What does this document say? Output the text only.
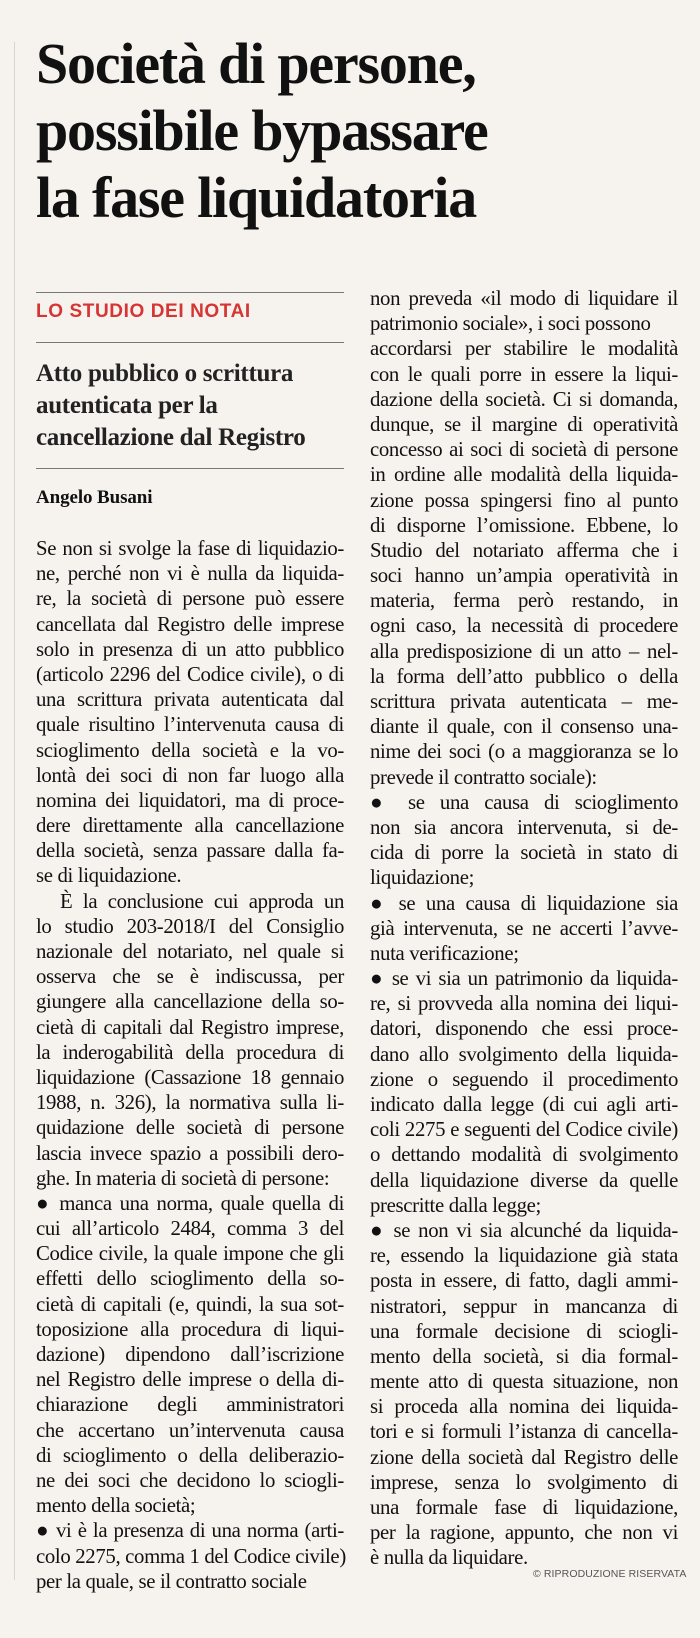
Società di persone,
possibile bypassare
la fase liquidatoria

LO STUDIO DEI NOTAI

Atto pubblico o scrittura
autenticata per la
cancellazione dal Registro

Angelo Busani

Se non si svolge la fase di liquidazio-
ne, perché non vi è nulla da liquida-
re, la società di persone può essere
cancellata dal Registro delle imprese
solo in presenza di un atto pubblico
(articolo 2296 del Codice civile), o di
una scrittura privata autenticata dal
quale risultino l’intervenuta causa di
scioglimento della società e la vo-
lontà dei soci di non far luogo alla
nomina dei liquidatori, ma di proce-
dere direttamente alla cancellazione
della società, senza passare dalla fa-
se di liquidazione.
È la conclusione cui approda un
lo studio 203-2018/I del Consiglio
nazionale del notariato, nel quale si
osserva che se è indiscussa, per
giungere alla cancellazione della so-
cietà di capitali dal Registro imprese,
la inderogabilità della procedura di
liquidazione (Cassazione 18 gennaio
1988, n. 326), la normativa sulla li-
quidazione delle società di persone
lascia invece spazio a possibili dero-
ghe. In materia di società di persone:
● manca una norma, quale quella di
cui all’articolo 2484, comma 3 del
Codice civile, la quale impone che gli
effetti dello scioglimento della so-
cietà di capitali (e, quindi, la sua sot-
toposizione alla procedura di liqui-
dazione) dipendono dall’iscrizione
nel Registro delle imprese o della di-
chiarazione degli amministratori
che accertano un’intervenuta causa
di scioglimento o della deliberazio-
ne dei soci che decidono lo sciogli-
mento della società;
● vi è la presenza di una norma (arti-
colo 2275, comma 1 del Codice civile)
per la quale, se il contratto sociale
non preveda «il modo di liquidare il
patrimonio sociale», i soci possono
accordarsi per stabilire le modalità
con le quali porre in essere la liqui-
dazione della società. Ci si domanda,
dunque, se il margine di operatività
concesso ai soci di società di persone
in ordine alle modalità della liquida-
zione possa spingersi fino al punto
di disporne l’omissione. Ebbene, lo
Studio del notariato afferma che i
soci hanno un’ampia operatività in
materia, ferma però restando, in
ogni caso, la necessità di procedere
alla predisposizione di un atto – nel-
la forma dell’atto pubblico o della
scrittura privata autenticata – me-
diante il quale, con il consenso una-
nime dei soci (o a maggioranza se lo
prevede il contratto sociale):
● se una causa di scioglimento
non sia ancora intervenuta, si de-
cida di porre la società in stato di
liquidazione;
● se una causa di liquidazione sia
già intervenuta, se ne accerti l’avve-
nuta verificazione;
● se vi sia un patrimonio da liquida-
re, si provveda alla nomina dei liqui-
datori, disponendo che essi proce-
dano allo svolgimento della liquida-
zione o seguendo il procedimento
indicato dalla legge (di cui agli arti-
coli 2275 e seguenti del Codice civile)
o dettando modalità di svolgimento
della liquidazione diverse da quelle
prescritte dalla legge;
● se non vi sia alcunché da liquida-
re, essendo la liquidazione già stata
posta in essere, di fatto, dagli ammi-
nistratori, seppur in mancanza di
una formale decisione di sciogli-
mento della società, si dia formal-
mente atto di questa situazione, non
si proceda alla nomina dei liquida-
tori e si formuli l’istanza di cancella-
zione della società dal Registro delle
imprese, senza lo svolgimento di
una formale fase di liquidazione,
per la ragione, appunto, che non vi
è nulla da liquidare.
© RIPRODUZIONE RISERVATA
